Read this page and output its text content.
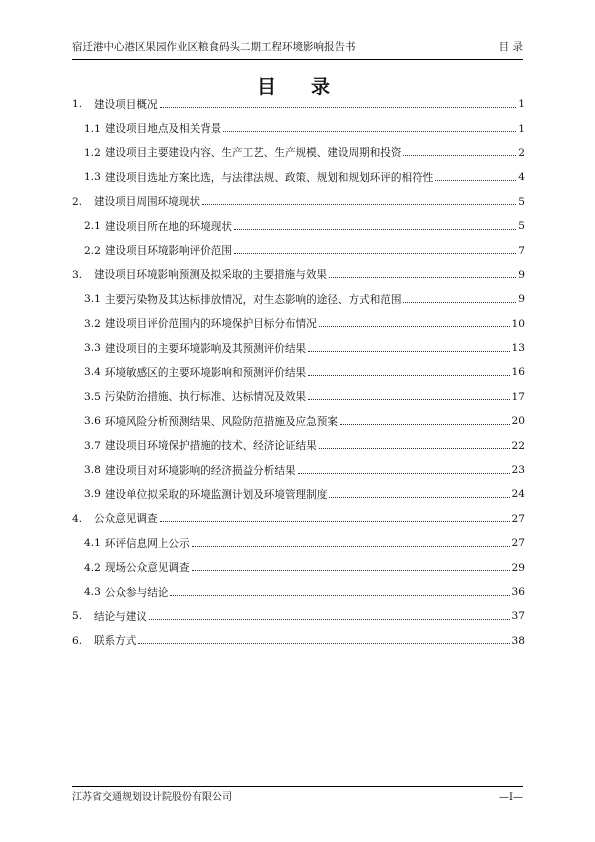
宿迁港中心港区果园作业区粮食码头二期工程环境影响报告书	目 录
目　录
1.	建设项目概况	1
1.1 建设项目地点及相关背景	1
1.2 建设项目主要建设内容、生产工艺、生产规模、建设周期和投资	2
1.3 建设项目选址方案比选，与法律法规、政策、规划和规划环评的相符性	4
2.	建设项目周围环境现状	5
2.1 建设项目所在地的环境现状	5
2.2 建设项目环境影响评价范围	7
3.	建设项目环境影响预测及拟采取的主要措施与效果	9
3.1 主要污染物及其达标排放情况，对生态影响的途径、方式和范围	9
3.2 建设项目评价范围内的环境保护目标分布情况	10
3.3 建设项目的主要环境影响及其预测评价结果	13
3.4 环境敏感区的主要环境影响和预测评价结果	16
3.5 污染防治措施、执行标准、达标情况及效果	17
3.6 环境风险分析预测结果、风险防范措施及应急预案	20
3.7 建设项目环境保护措施的技术、经济论证结果	22
3.8 建设项目对环境影响的经济损益分析结果	23
3.9 建设单位拟采取的环境监测计划及环境管理制度	24
4.	公众意见调查	27
4.1 环评信息网上公示	27
4.2 现场公众意见调查	29
4.3 公众参与结论	36
5.	结论与建议	37
6.	联系方式	38
江苏省交通规划设计院股份有限公司	—I—
